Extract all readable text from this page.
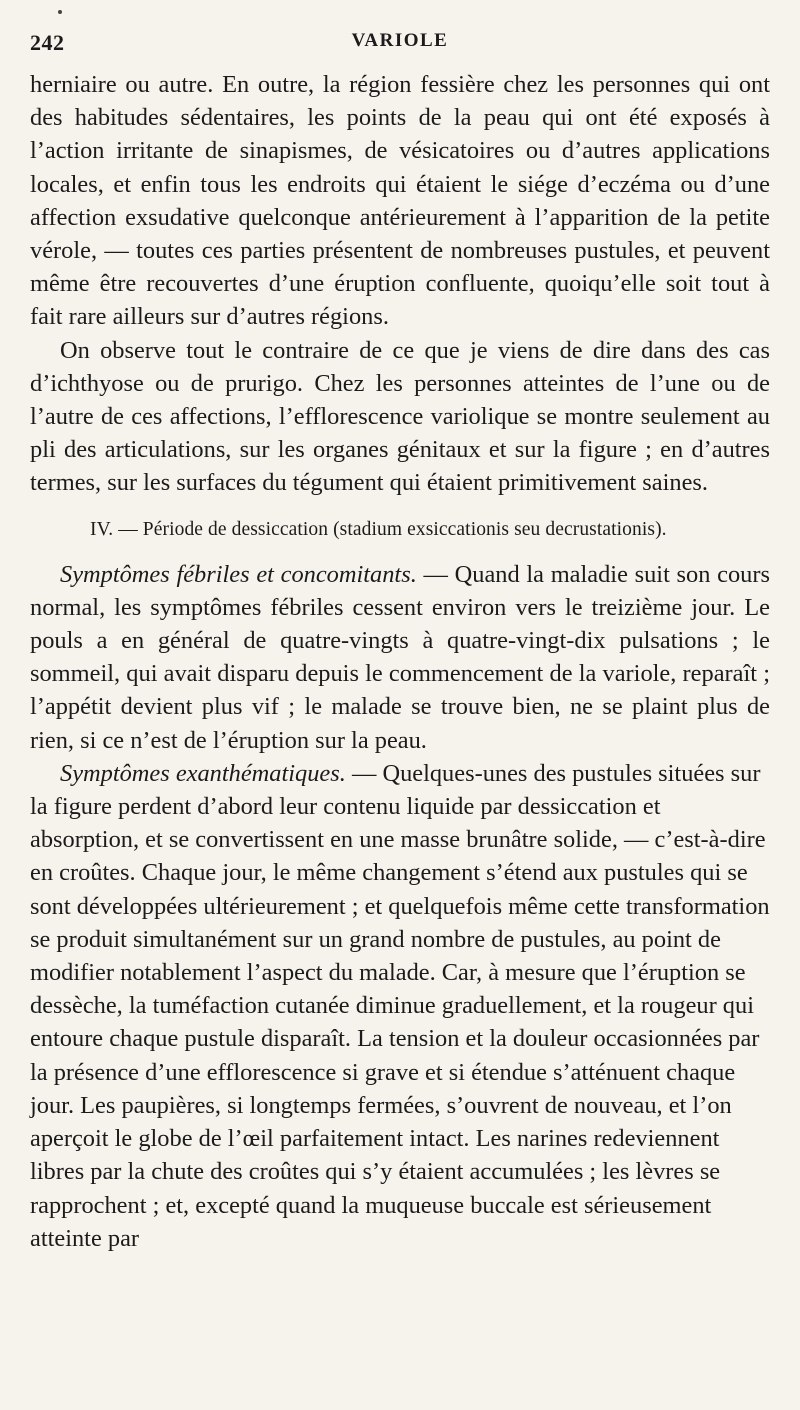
242	VARIOLE

herniaire ou autre. En outre, la région fessière chez les personnes qui ont des habitudes sédentaires, les points de la peau qui ont été exposés à l’action irritante de sinapismes, de vésicatoires ou d’autres applications locales, et enfin tous les endroits qui étaient le siége d’eczéma ou d’une affection exsudative quelconque antérieurement à l’apparition de la petite vérole, — toutes ces parties présentent de nombreuses pustules, et peuvent même être recouvertes d’une éruption confluente, quoiqu’elle soit tout à fait rare ailleurs sur d’autres régions.

On observe tout le contraire de ce que je viens de dire dans des cas d’ichthyose ou de prurigo. Chez les personnes atteintes de l’une ou de l’autre de ces affections, l’efflorescence variolique se montre seulement au pli des articulations, sur les organes génitaux et sur la figure ; en d’autres termes, sur les surfaces du tégument qui étaient primitivement saines.

IV. — Période de dessiccation (stadium exsiccationis seu decrustationis).

Symptômes fébriles et concomitants. — Quand la maladie suit son cours normal, les symptômes fébriles cessent environ vers le treizième jour. Le pouls a en général de quatre-vingts à quatre-vingt-dix pulsations ; le sommeil, qui avait disparu depuis le commencement de la variole, reparaît ; l’appétit devient plus vif ; le malade se trouve bien, ne se plaint plus de rien, si ce n’est de l’éruption sur la peau.

Symptômes exanthématiques. — Quelques-unes des pustules situées sur la figure perdent d’abord leur contenu liquide par dessiccation et absorption, et se convertissent en une masse brunâtre solide, — c’est-à-dire en croûtes. Chaque jour, le même changement s’étend aux pustules qui se sont développées ultérieurement ; et quelquefois même cette transformation se produit simultanément sur un grand nombre de pustules, au point de modifier notablement l’aspect du malade. Car, à mesure que l’éruption se dessèche, la tuméfaction cutanée diminue graduellement, et la rougeur qui entoure chaque pustule disparaît. La tension et la douleur occasionnées par la présence d’une efflorescence si grave et si étendue s’atténuent chaque jour. Les paupières, si longtemps fermées, s’ouvrent de nouveau, et l’on aperçoit le globe de l’œil parfaitement intact. Les narines redeviennent libres par la chute des croûtes qui s’y étaient accumulées ; les lèvres se rapprochent ; et, excepté quand la muqueuse buccale est sérieusement atteinte par
